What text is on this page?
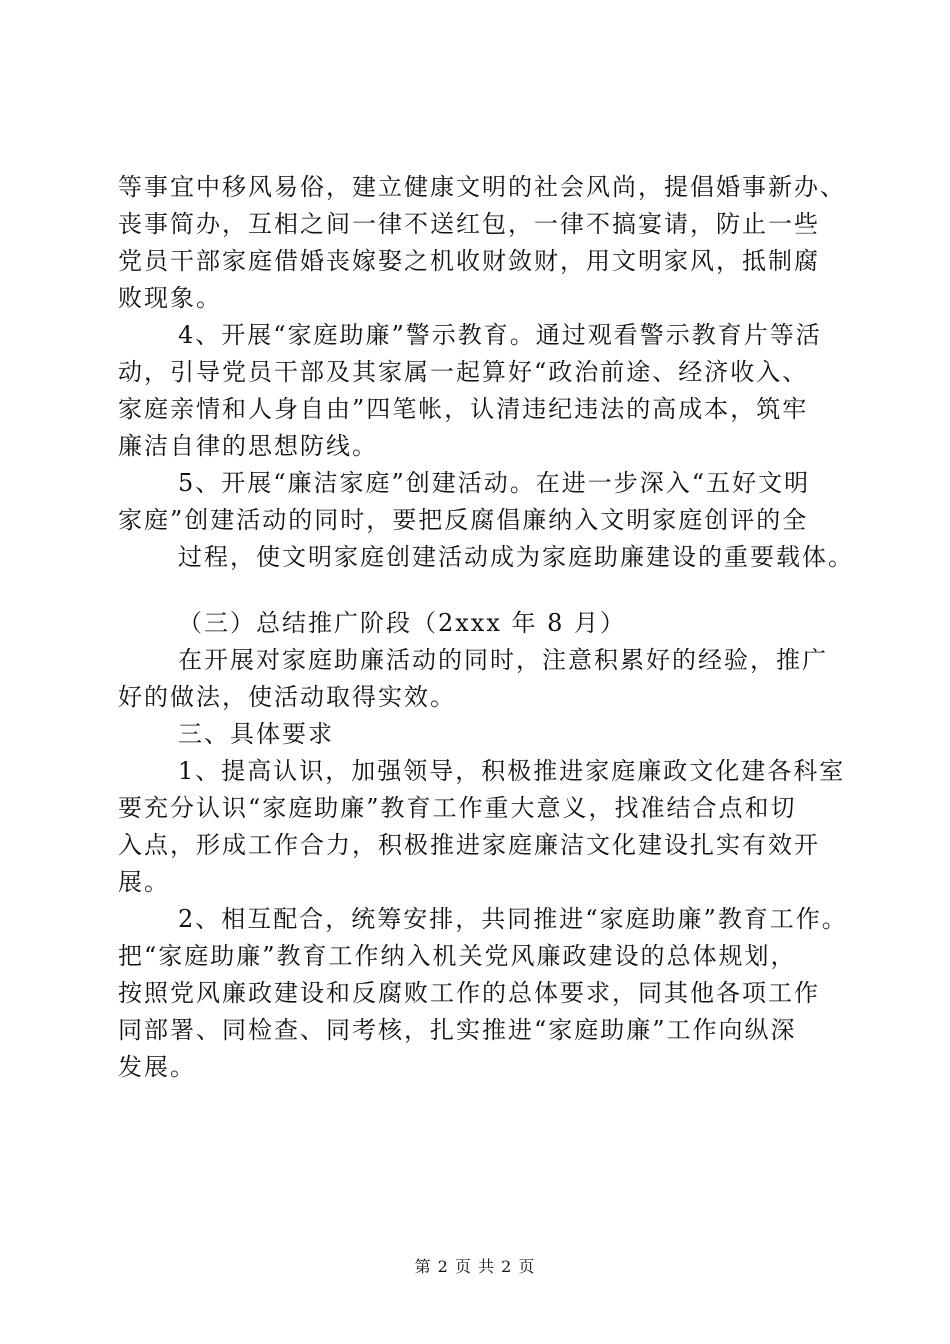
等事宜中移风易俗，建立健康文明的社会风尚，提倡婚事新办、
丧事简办，互相之间一律不送红包，一律不搞宴请，防止一些
党员干部家庭借婚丧嫁娶之机收财敛财，用文明家风，抵制腐
败现象。
4、开展“家庭助廉”警示教育。通过观看警示教育片等活
动，引导党员干部及其家属一起算好“政治前途、经济收入、
家庭亲情和人身自由”四笔帐，认清违纪违法的高成本，筑牢
廉洁自律的思想防线。
5、开展“廉洁家庭”创建活动。在进一步深入“五好文明
家庭”创建活动的同时，要把反腐倡廉纳入文明家庭创评的全
过程，使文明家庭创建活动成为家庭助廉建设的重要载体。
（三）总结推广阶段（2xxx 年 8 月）
在开展对家庭助廉活动的同时，注意积累好的经验，推广
好的做法，使活动取得实效。
三、具体要求
1、提高认识，加强领导，积极推进家庭廉政文化建各科室
要充分认识“家庭助廉”教育工作重大意义，找准结合点和切
入点，形成工作合力，积极推进家庭廉洁文化建设扎实有效开
展。
2、相互配合，统筹安排，共同推进“家庭助廉”教育工作。
把“家庭助廉”教育工作纳入机关党风廉政建设的总体规划，
按照党风廉政建设和反腐败工作的总体要求，同其他各项工作
同部署、同检查、同考核，扎实推进“家庭助廉”工作向纵深
发展。
第 2 页 共 2 页
